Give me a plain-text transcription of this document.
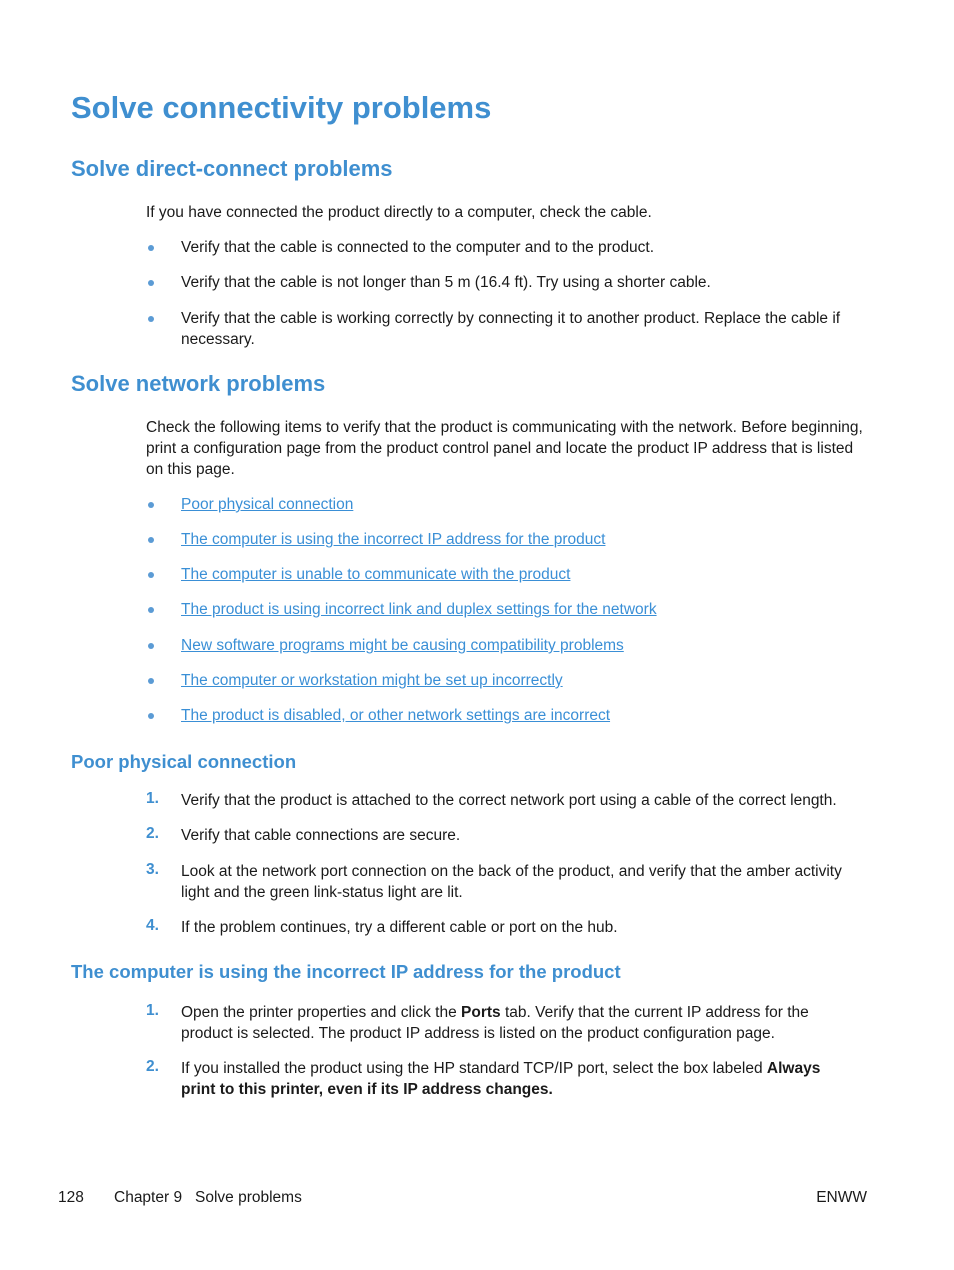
Solve connectivity problems
Solve direct-connect problems
If you have connected the product directly to a computer, check the cable.
Verify that the cable is connected to the computer and to the product.
Verify that the cable is not longer than 5 m (16.4 ft). Try using a shorter cable.
Verify that the cable is working correctly by connecting it to another product. Replace the cable if necessary.
Solve network problems
Check the following items to verify that the product is communicating with the network. Before beginning, print a configuration page from the product control panel and locate the product IP address that is listed on this page.
Poor physical connection
The computer is using the incorrect IP address for the product
The computer is unable to communicate with the product
The product is using incorrect link and duplex settings for the network
New software programs might be causing compatibility problems
The computer or workstation might be set up incorrectly
The product is disabled, or other network settings are incorrect
Poor physical connection
1. Verify that the product is attached to the correct network port using a cable of the correct length.
2. Verify that cable connections are secure.
3. Look at the network port connection on the back of the product, and verify that the amber activity light and the green link-status light are lit.
4. If the problem continues, try a different cable or port on the hub.
The computer is using the incorrect IP address for the product
1. Open the printer properties and click the Ports tab. Verify that the current IP address for the product is selected. The product IP address is listed on the product configuration page.
2. If you installed the product using the HP standard TCP/IP port, select the box labeled Always print to this printer, even if its IP address changes.
128 Chapter 9   Solve problems	ENWW
